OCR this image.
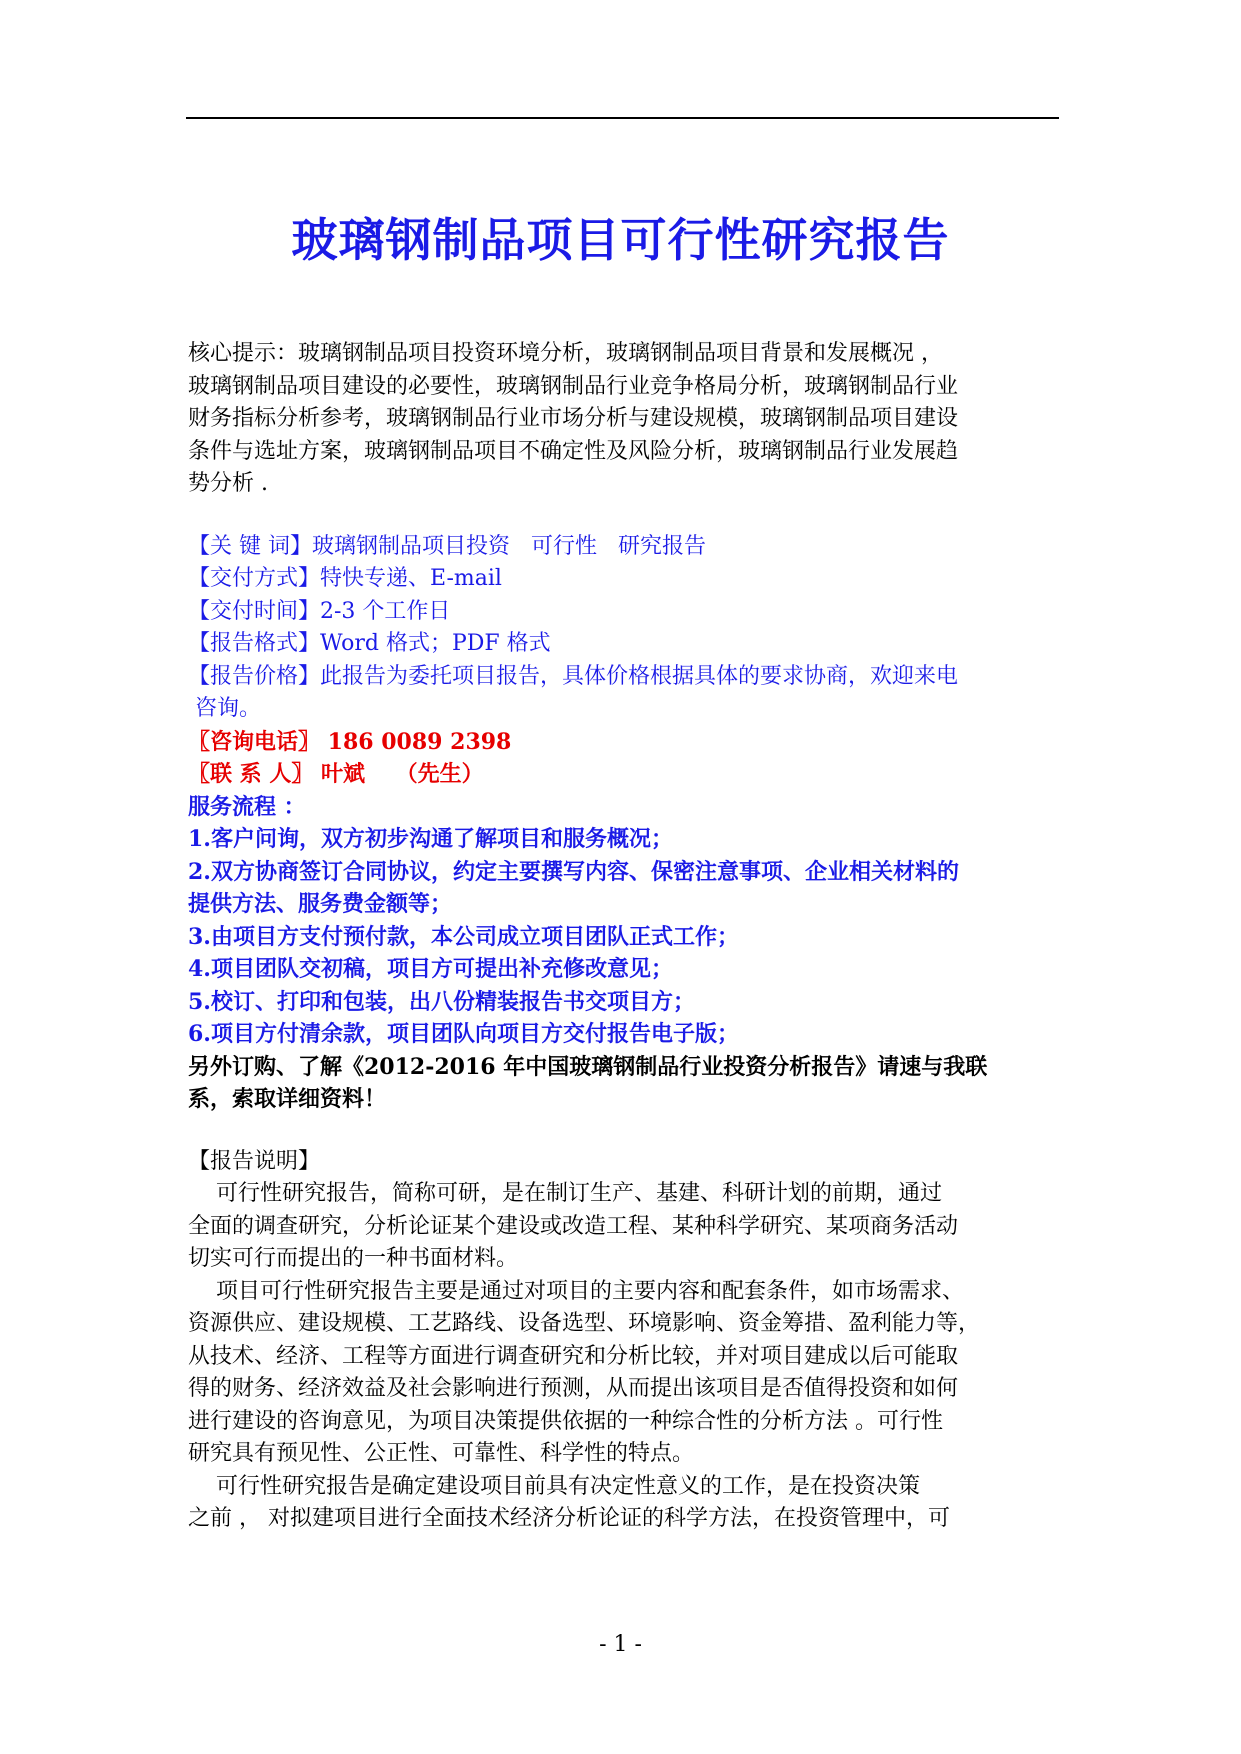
玻璃钢制品项目可行性研究报告
核心提示：玻璃钢制品项目投资环境分析，玻璃钢制品项目背景和发展概况 ，
玻璃钢制品项目建设的必要性，玻璃钢制品行业竞争格局分析，玻璃钢制品行业
财务指标分析参考，玻璃钢制品行业市场分析与建设规模，玻璃钢制品项目建设
条件与选址方案，玻璃钢制品项目不确定性及风险分析，玻璃钢制品行业发展趋
势分析 .
【关 键 词】玻璃钢制品项目投资   可行性   研究报告
【交付方式】特快专递、E-mail
【交付时间】2-3 个工作日
【报告格式】Word 格式；PDF 格式
【报告价格】此报告为委托项目报告，具体价格根据具体的要求协商，欢迎来电
咨询。
〖咨询电话〗 186 0089 2398
〖联 系 人〗 叶斌    （先生）
服务流程 ：
1.客户问询，双方初步沟通了解项目和服务概况；
2.双方协商签订合同协议，约定主要撰写内容、保密注意事项、企业相关材料的
提供方法、服务费金额等；
3.由项目方支付预付款，本公司成立项目团队正式工作；
4.项目团队交初稿，项目方可提出补充修改意见；
5.校订、打印和包装，出八份精装报告书交项目方；
6.项目方付清余款，项目团队向项目方交付报告电子版；
另外订购、了解《2012-2016 年中国玻璃钢制品行业投资分析报告》请速与我联
系，索取详细资料！
【报告说明】
可行性研究报告，简称可研，是在制订生产、基建、科研计划的前期，通过
全面的调查研究，分析论证某个建设或改造工程、某种科学研究、某项商务活动
切实可行而提出的一种书面材料。
项目可行性研究报告主要是通过对项目的主要内容和配套条件，如市场需求、
资源供应、建设规模、工艺路线、设备选型、环境影响、资金筹措、盈利能力等，
从技术、经济、工程等方面进行调查研究和分析比较，并对项目建成以后可能取
得的财务、经济效益及社会影响进行预测，从而提出该项目是否值得投资和如何
进行建设的咨询意见，为项目决策提供依据的一种综合性的分析方法 。可行性
研究具有预见性、公正性、可靠性、科学性的特点。
可行性研究报告是确定建设项目前具有决定性意义的工作，是在投资决策
之前 ， 对拟建项目进行全面技术经济分析论证的科学方法，在投资管理中，可
- 1 -
